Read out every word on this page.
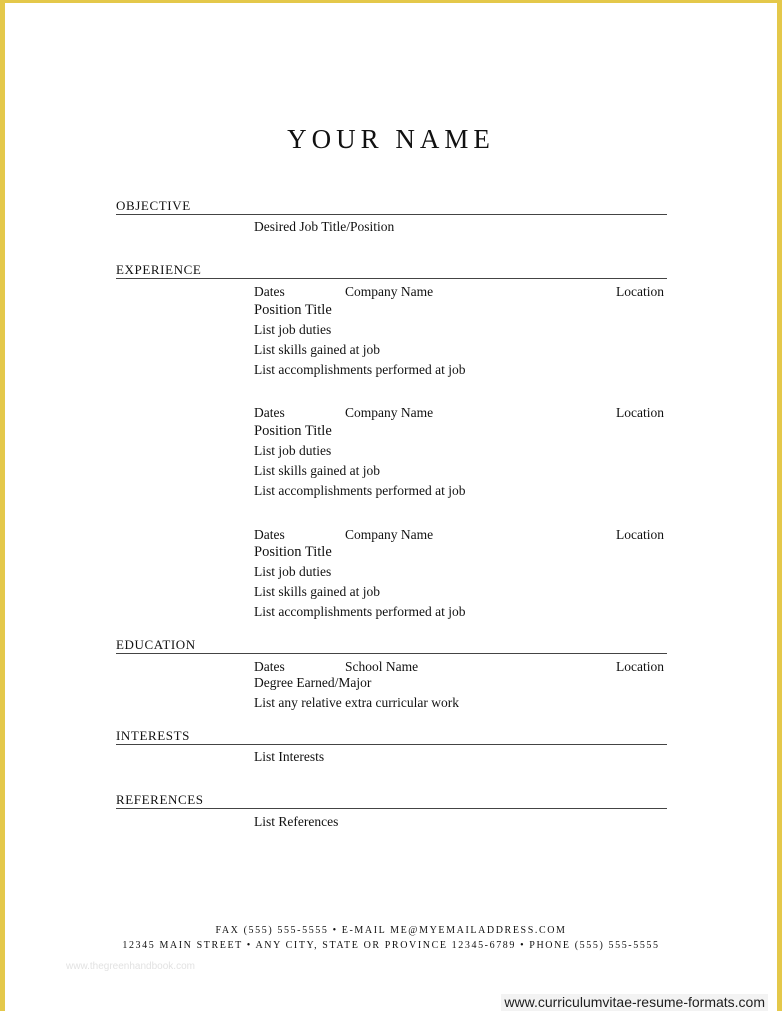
YOUR NAME
OBJECTIVE
Desired Job Title/Position
EXPERIENCE
Dates	Company Name	Location
Position Title
List job duties
List skills gained at job
List accomplishments performed at job
Dates	Company Name	Location
Position Title
List job duties
List skills gained at job
List accomplishments performed at job
Dates	Company Name	Location
Position Title
List job duties
List skills gained at job
List accomplishments performed at job
EDUCATION
Dates	School Name	Location
Degree Earned/Major
List any relative extra curricular work
INTERESTS
List Interests
REFERENCES
List References
FAX (555) 555-5555 • E-MAIL ME@MYEMAILADDRESS.COM
12345 MAIN STREET • ANY CITY, STATE OR PROVINCE 12345-6789 • PHONE (555) 555-5555
www.thegreenhandbook.com
www.curriculumvitae-resume-formats.com
